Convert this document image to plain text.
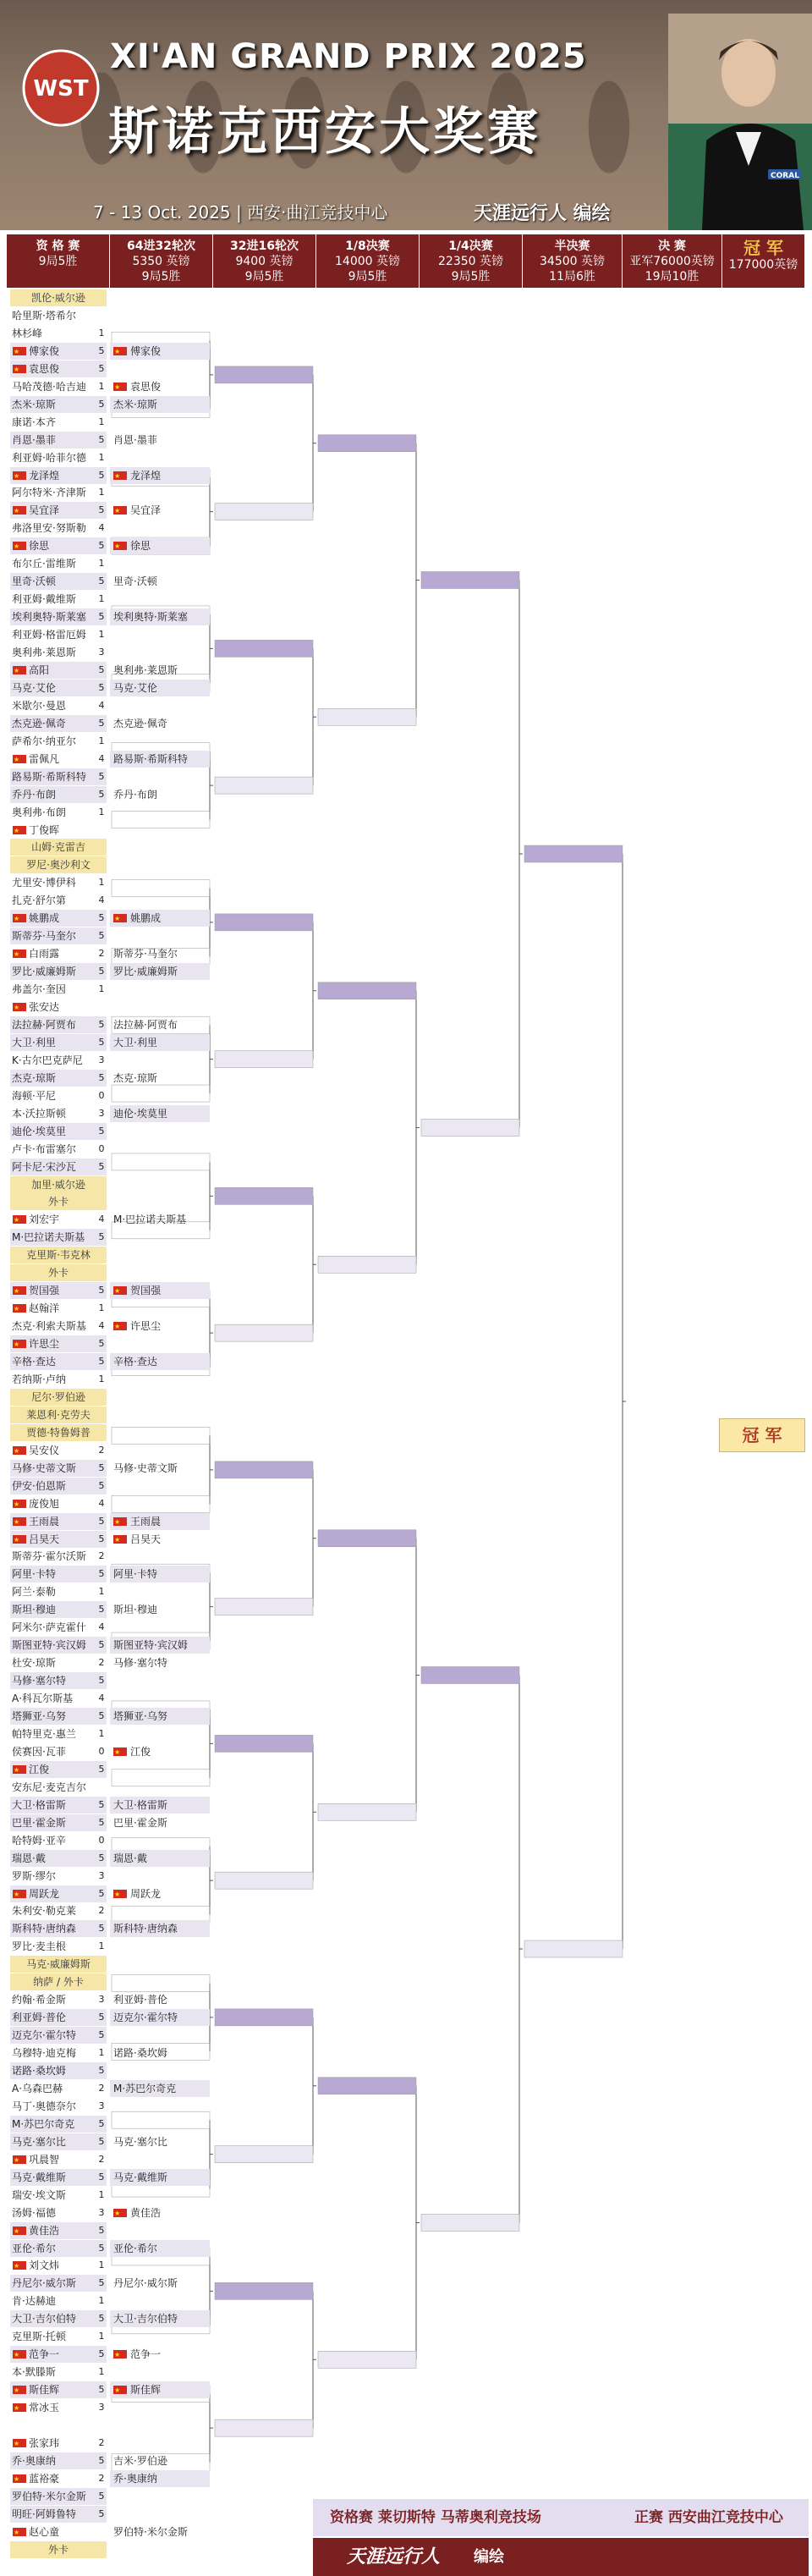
WST
XI'AN GRAND PRIX 2025
斯诺克西安大奖赛
7 - 13 Oct. 2025 | 西安·曲江竞技中心	天涯远行人 编绘
CORAL
资 格 赛
9局5胜
64进32轮次
5350 英镑
9局5胜
32进16轮次
9400 英镑
9局5胜
1/8决赛
14000 英镑
9局5胜
1/4决赛
22350 英镑
9局5胜
半决赛
34500 英镑
11局6胜
决 赛
亚军76000英镑
19局10胜
冠 军
177000英镑
凯伦·威尔逊
哈里斯·塔希尔
林杉峰	1
★
傅家俊	5
★
袁思俊	5
马哈茂德·哈吉迪	1
杰米·琼斯	5
康诺·本齐	1
肖恩·墨菲	5
利亚姆·哈菲尔德	1
★
龙泽煌	5
阿尔特米·齐津斯	1
★
吴宜泽	5
弗洛里安·努斯勒	4
★
徐思	5
布尔丘·雷维斯	1
里奇·沃顿	5
利亚姆·戴维斯	1
埃利奥特·斯莱塞	5
利亚姆·格雷厄姆	1
奥利弗·莱恩斯	3
★
高阳	5
马克·艾伦	5
米歇尔·曼恩	4
杰克逊·佩奇	5
萨希尔·纳亚尔	1
★
雷佩凡	4
路易斯·希斯科特	5
乔丹·布朗	5
奥利弗·布朗	1
★
丁俊晖
山姆·克雷吉
罗尼·奥沙利文
尤里安·博伊科	1
扎克·舒尔第	4
★
姚鹏成	5
斯蒂芬·马奎尔	5
★
白雨露	2
罗比·威廉姆斯	5
弗盖尔·奎因	1
★
张安达
法拉赫·阿贾布	5
大卫·利里	5
K·古尔巴克萨尼	3
杰克·琼斯	5
海顿·平尼	0
本·沃拉斯顿	3
迪伦·埃莫里	5
卢卡·布雷塞尔	0
阿卡尼·宋沙瓦	5
加里·威尔逊
外卡
★
刘宏宇	4
M·巴拉诺夫斯基	5
克里斯·韦克林
外卡
★
贺国强	5
★
赵翰洋	1
杰克·利索夫斯基	4
★
许思尘	5
辛格·查达	5
若纳斯·卢纳	1
尼尔·罗伯逊
莱恩利·克劳夫
贾德·特鲁姆普
★
吴安仪	2
马修·史蒂文斯	5
伊安·伯恩斯	5
★
庞俊旭	4
★
王雨晨	5
★
吕昊天	5
斯蒂芬·霍尔沃斯	2
阿里·卡特	5
阿兰·泰勒	1
斯坦·穆迪	5
阿米尔·萨克霍什	4
斯图亚特·宾汉姆	5
杜安·琼斯	2
马修·塞尔特	5
A·科瓦尔斯基	4
塔狮亚·乌努	5
帕特里克·惠兰	1
侯赛因·瓦菲	0
★
江俊	5
安东尼·麦克吉尔
大卫·格雷斯	5
巴里·霍金斯	5
哈特姆·亚辛	0
瑞恩·戴	5
罗斯·缪尔	3
★
周跃龙	5
朱利安·勒克莱	2
斯科特·唐纳森	5
罗比·麦圭根	1
马克·威廉姆斯
纳萨 / 外卡
约翰·希金斯	3
利亚姆·普伦	5
迈克尔·霍尔特	5
乌穆特·迪克梅	1
诺路·桑坎姆	5
A·乌森巴赫	2
马丁·奥德奈尔	3
M·苏巴尔奇克	5
马克·塞尔比	5
★
巩晨智	2
马克·戴维斯	5
瑞安·埃文斯	1
汤姆·福德	3
★
黄佳浩	5
亚伦·希尔	5
★
刘文炜	1
丹尼尔·威尔斯	5
肯·达赫迪	1
大卫·吉尔伯特	5
克里斯·托顿	1
★
范争一	5
本·默滕斯	1
★
斯佳辉	5
★
常冰玉	3
★
张家玮	2
乔·奥康纳	5
★
蓝裕豪	2
罗伯特·米尔金斯	5
明旺·阿姆鲁特	5
★
赵心童
外卡
★
傅家俊
★
袁思俊
杰米·琼斯
肖恩·墨菲
★
龙泽煌
★
吴宜泽
★
徐思
里奇·沃顿
埃利奥特·斯莱塞
奥利弗·莱恩斯
马克·艾伦
杰克逊·佩奇
路易斯·希斯科特
乔丹·布朗
★
姚鹏成
斯蒂芬·马奎尔
罗比·威廉姆斯
法拉赫·阿贾布
大卫·利里
杰克·琼斯
迪伦·埃莫里
M·巴拉诺夫斯基
★
贺国强
★
许思尘
辛格·查达
马修·史蒂文斯
★
王雨晨
★
吕昊天
阿里·卡特
斯坦·穆迪
斯图亚特·宾汉姆
马修·塞尔特
塔狮亚·乌努
★
江俊
大卫·格雷斯
巴里·霍金斯
瑞恩·戴
★
周跃龙
斯科特·唐纳森
利亚姆·普伦
迈克尔·霍尔特
诺路·桑坎姆
M·苏巴尔奇克
马克·塞尔比
马克·戴维斯
★
黄佳浩
亚伦·希尔
丹尼尔·威尔斯
大卫·吉尔伯特
★
范争一
★
斯佳辉
吉米·罗伯逊
乔·奥康纳
罗伯特·米尔金斯
冠 军
资格赛 莱切斯特 马蒂奥利竞技场	正赛 西安曲江竞技中心
天涯远行人 编绘
